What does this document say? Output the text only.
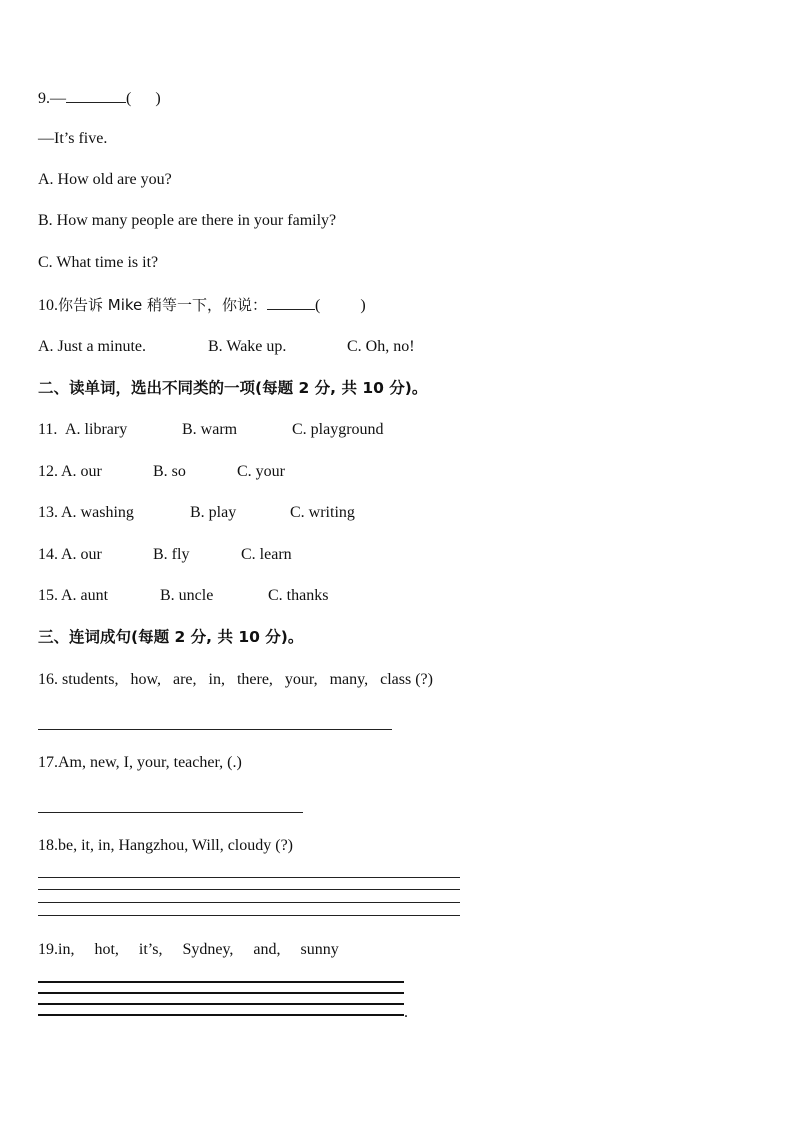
9.—	(      )
—It’s five.
A. How old are you?
B. How many people are there in your family?
C. What time is it?
10.你告诉 Mike 稍等一下，你说：	(          )
A. Just a minute.	B. Wake up.	C. Oh, no!
二、读单词，选出不同类的一项(每题 2 分, 共 10 分)。
11. A. library	B. warm	C. playground
12. A. our	B. so	C. your
13. A. washing	B. play	C. writing
14. A. our	B. fly	C. learn
15. A. aunt	B. uncle	C. thanks
三、连词成句(每题 2 分, 共 10 分)。
16. students,   how,   are,   in,   there,   your,   many,   class (?)
17.Am, new, I, your, teacher, (.)
18.be, it, in, Hangzhou, Will, cloudy (?)
19.in,     hot,     it’s,     Sydney,     and,     sunny
.
